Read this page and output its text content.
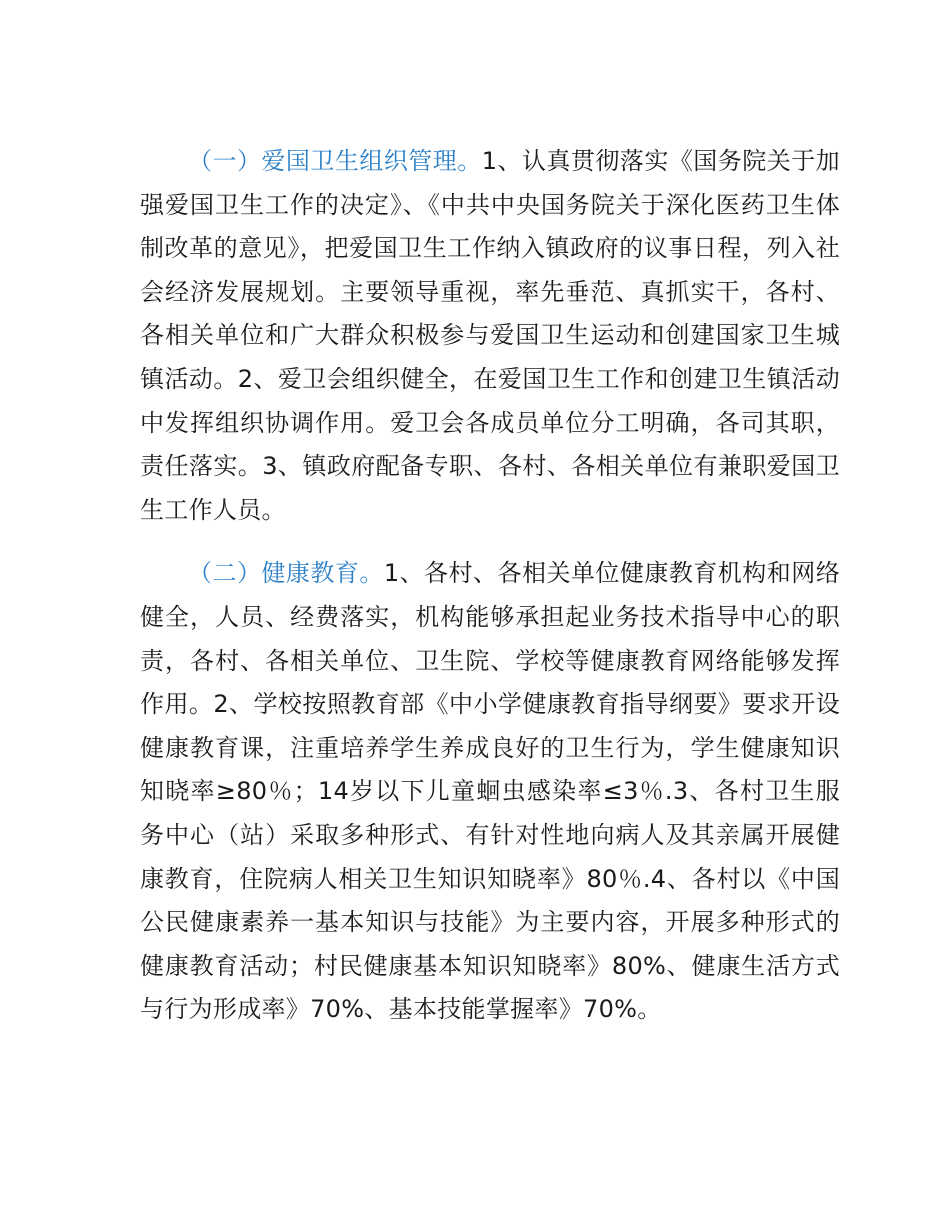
（一）爱国卫生组织管理。1、认真贯彻落实《国务院关于加强爱国卫生工作的决定》、《中共中央国务院关于深化医药卫生体制改革的意见》，把爱国卫生工作纳入镇政府的议事日程，列入社会经济发展规划。主要领导重视，率先垂范、真抓实干，各村、各相关单位和广大群众积极参与爱国卫生运动和创建国家卫生城镇活动。2、爱卫会组织健全，在爱国卫生工作和创建卫生镇活动中发挥组织协调作用。爱卫会各成员单位分工明确，各司其职，责任落实。3、镇政府配备专职、各村、各相关单位有兼职爱国卫生工作人员。

（二）健康教育。1、各村、各相关单位健康教育机构和网络健全，人员、经费落实，机构能够承担起业务技术指导中心的职责，各村、各相关单位、卫生院、学校等健康教育网络能够发挥作用。2、学校按照教育部《中小学健康教育指导纲要》要求开设健康教育课，注重培养学生养成良好的卫生行为，学生健康知识知晓率≥80％；14岁以下儿童蛔虫感染率≤3％.3、各村卫生服务中心（站）采取多种形式、有针对性地向病人及其亲属开展健康教育，住院病人相关卫生知识知晓率》80％.4、各村以《中国公民健康素养一基本知识与技能》为主要内容，开展多种形式的健康教育活动；村民健康基本知识知晓率》80%、健康生活方式与行为形成率》70%、基本技能掌握率》70%。
